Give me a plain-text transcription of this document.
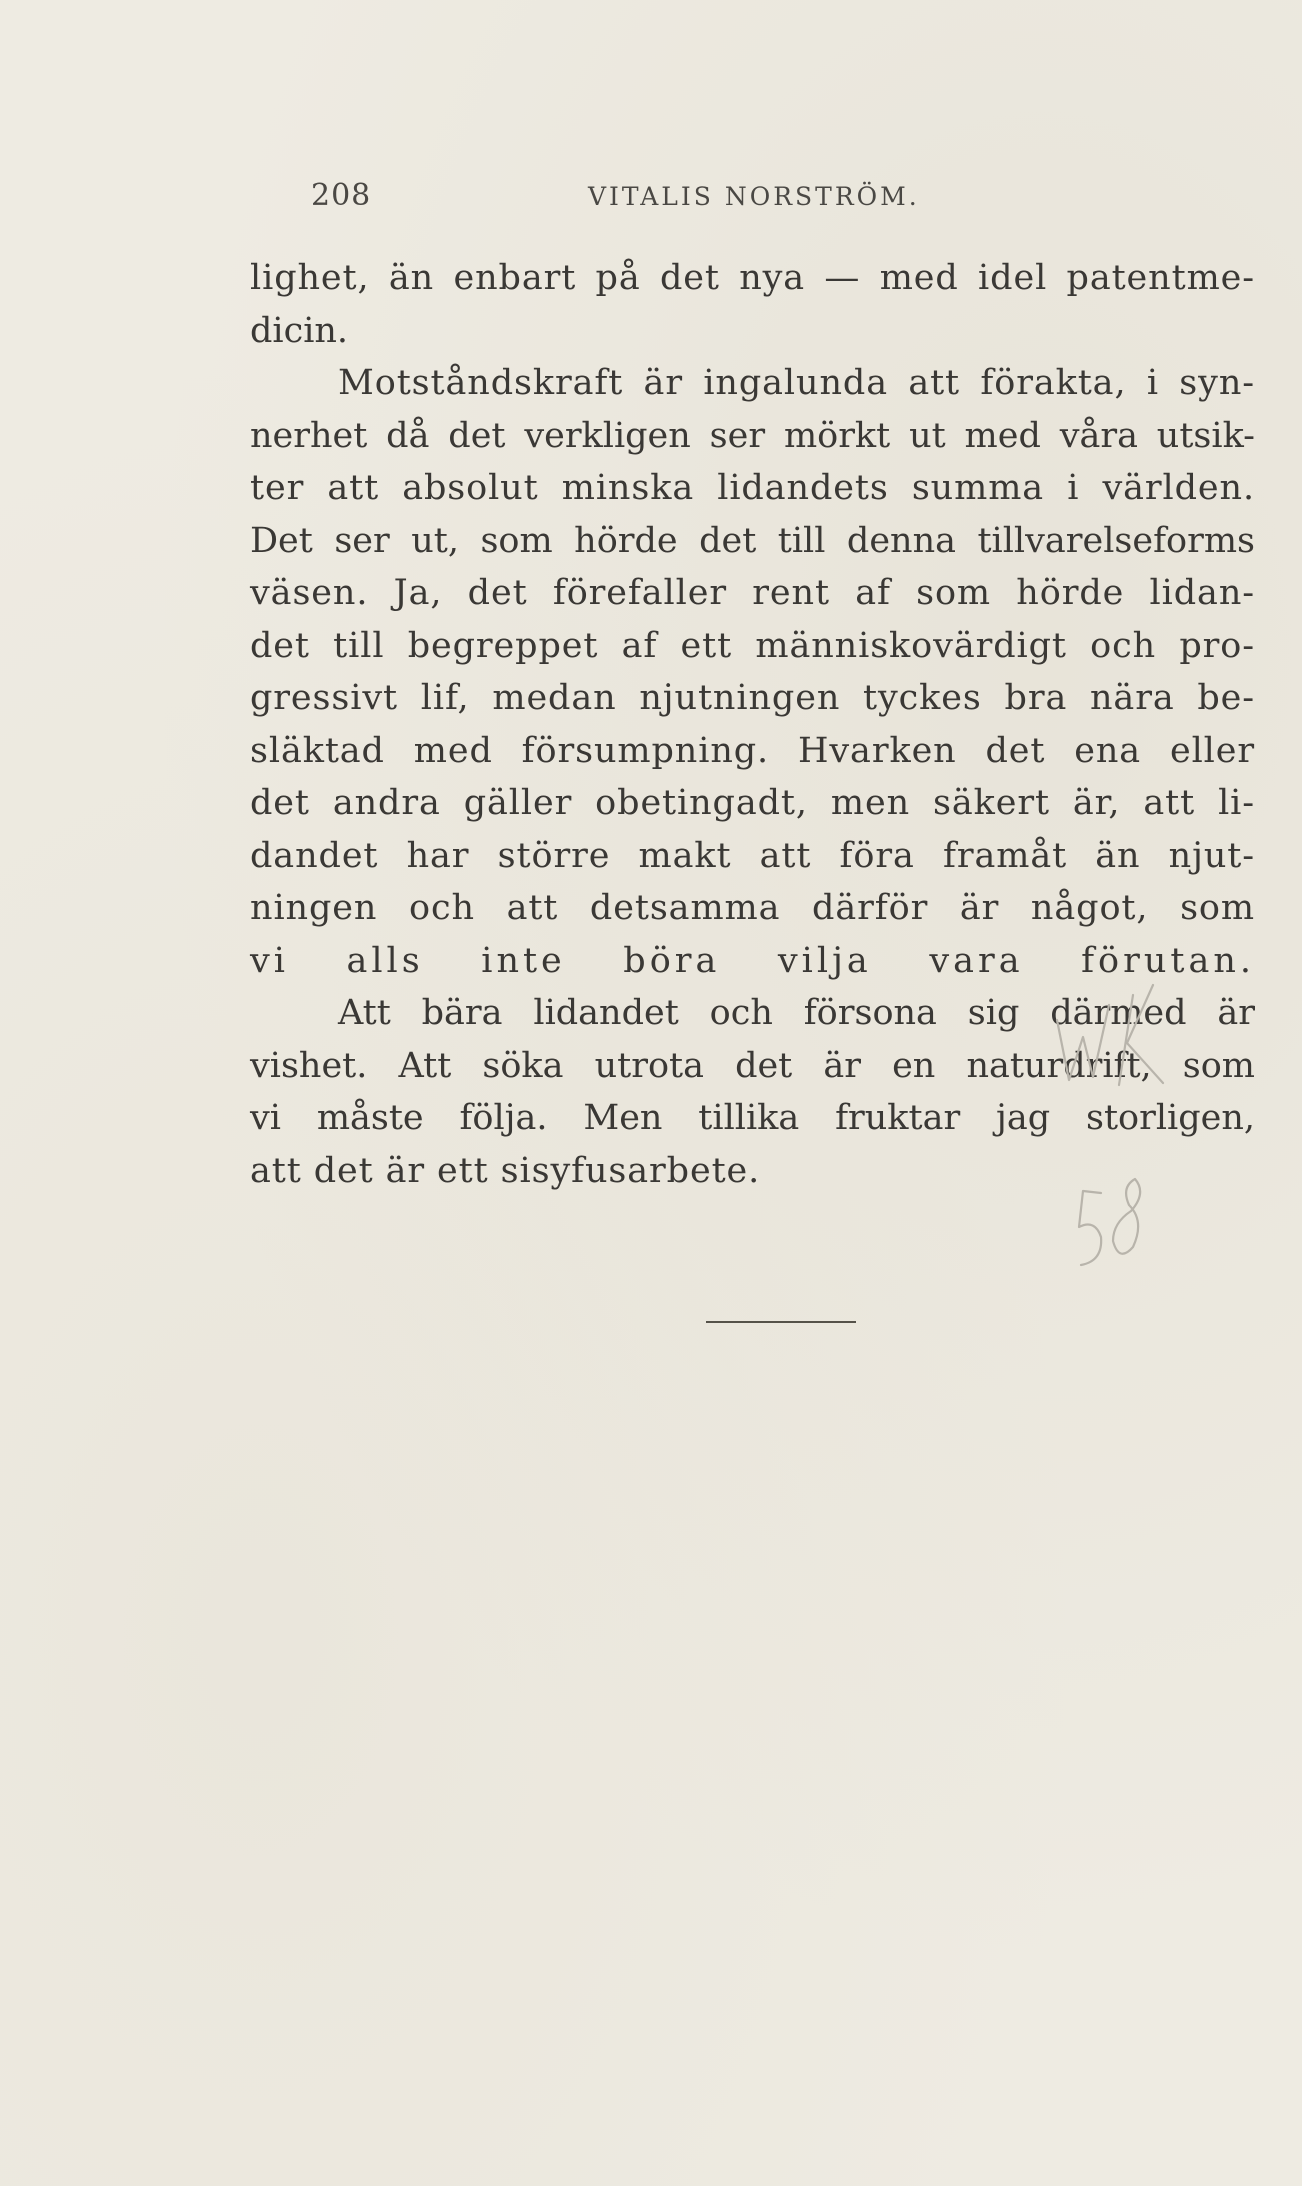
208	VITALIS NORSTRÖM.
lighet, än enbart på det nya — med idel patentme-
dicin.
Motståndskraft är ingalunda att förakta, i syn-
nerhet då det verkligen ser mörkt ut med våra utsik-
ter att absolut minska lidandets summa i världen.
Det ser ut, som hörde det till denna tillvarelseforms
väsen. Ja, det förefaller rent af som hörde lidan-
det till begreppet af ett människovärdigt och pro-
gressivt lif, medan njutningen tyckes bra nära be-
släktad med försumpning. Hvarken det ena eller
det andra gäller obetingadt, men säkert är, att li-
dandet har större makt att föra framåt än njut-
ningen och att detsamma därför är något, som
vi alls inte böra vilja vara förutan.
Att bära lidandet och försona sig därmed är
vishet. Att söka utrota det är en naturdrift, som
vi måste följa. Men tillika fruktar jag storligen,
att det är ett sisyfusarbete.
